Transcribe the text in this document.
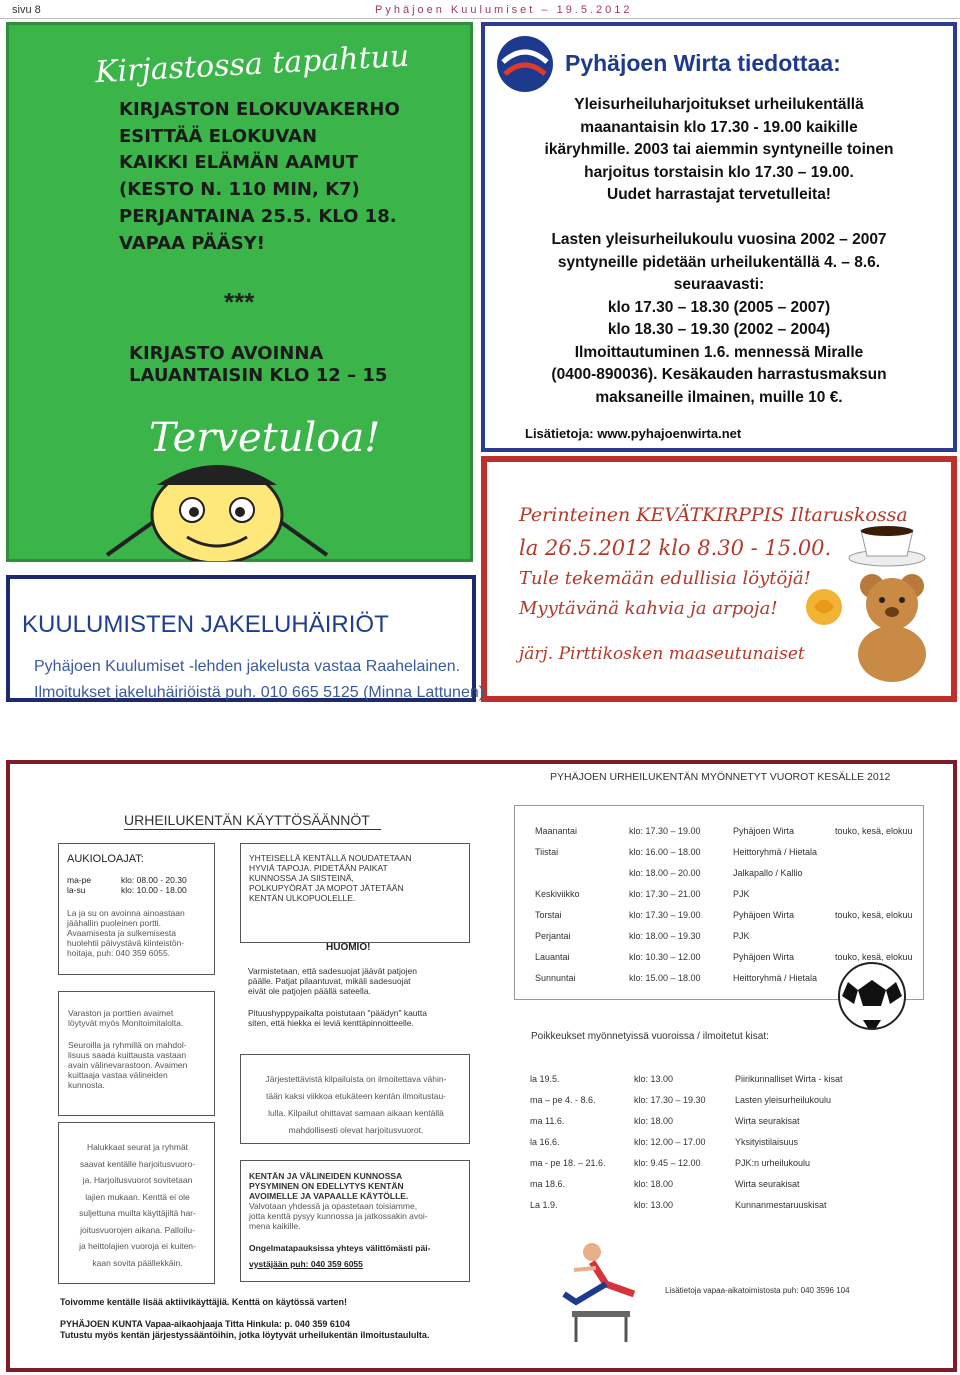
sivu 8	Pyhäjoen Kuulumiset – 19.5.2012
Kirjastossa tapahtuu
KIRJASTON ELOKUVAKERHO
ESITTÄÄ ELOKUVAN
KAIKKI ELÄMÄN AAMUT
(KESTO N. 110 MIN, K7)
PERJANTAINA 25.5. KLO 18.
VAPAA PÄÄSY!
***
KIRJASTO AVOINNA
LAUANTAISIN KLO 12 – 15
Tervetuloa!
Pyhäjoen Wirta tiedottaa:
Yleisurheiluharjoitukset urheilukentällä
maanantaisin klo 17.30 - 19.00 kaikille
ikäryhmille. 2003 tai aiemmin syntyneille toinen
harjoitus torstaisin klo 17.30 – 19.00.
Uudet harrastajat tervetulleita!
Lasten yleisurheilukoulu vuosina 2002 – 2007
syntyneille pidetään urheilukentällä 4. – 8.6.
seuraavasti:
klo 17.30 – 18.30 (2005 – 2007)
klo 18.30 – 19.30 (2002 – 2004)
Ilmoittautuminen 1.6. mennessä Miralle
(0400-890036). Kesäkauden harrastusmaksun
maksaneille ilmainen, muille 10 €.
Lisätietoja: www.pyhajoenwirta.net
Perinteinen KEVÄTKIRPPIS Iltaruskossa
la 26.5.2012 klo 8.30 - 15.00.
Tule tekemään edullisia löytöjä!
Myytävänä kahvia ja arpoja!
järj. Pirttikosken maaseutunaiset
KUULUMISTEN JAKELUHÄIRIÖT
Pyhäjoen Kuulumiset -lehden jakelusta vastaa Raahelainen.
Ilmoitukset jakeluhäiriöistä puh. 010 665 5125 (Minna Lattunen)
URHEILUKENTÄN KÄYTTÖSÄÄNNÖT
AUKIOLOAJAT:
ma-pe	klo: 08.00 - 20.30
la-su	klo: 10.00 - 18.00
La ja su on avoinna ainoastaan
jäähallin puoleinen portti.
Avaamisesta ja sulkemisesta
huolehtii päivystävä kiinteistön-
hoitaja, puh: 040 359 6055.
Varaston ja porttien avaimet
löytyvät myös Monitoimitalolta.
Seuroilla ja ryhmillä on mahdol-
lisuus saada kuittausta vastaan
avain välinevarastoon. Avaimen
kuittaaja vastaa välineiden
kunnosta.
Halukkaat seurat ja ryhmät
saavat kentälle harjoitusvuoro-
ja. Harjoitusvuorot sovitetaan
lajien mukaan. Kenttä ei ole
suljettuna muilta käyttäjiltä har-
joitusvuorojen aikana. Palloilu-
ja heittolajien vuoroja ei kuiten-
kaan sovita päällekkäin.
YHTEISELLÄ KENTÄLLÄ NOUDATETAAN
HYVIÄ TAPOJA. PIDETÄÄN PAIKAT
KUNNOSSA JA SIISTEINÄ,
POLKUPYÖRÄT JA MOPOT JÄTETÄÄN
KENTÄN ULKOPUOLELLE.
HUOMIO!
Varmistetaan, että sadesuojat jäävät patjojen
päälle. Patjat pilaantuvat, mikäli sadesuojat
eivät ole patjojen päällä sateella.
Pituushyppypaikalta poistutaan "päädyn" kautta
siten, että hiekka ei leviä kenttäpinnoitteelle.
Järjestettävistä kilpailuista on ilmoitettava vähin-
tään kaksi viikkoa etukäteen kentän ilmoitustau-
lulla. Kilpailut ohittavat samaan aikaan kentällä
mahdollisesti olevat harjoitusvuorot.
KENTÄN JA VÄLINEIDEN KUNNOSSA
PYSYMINEN ON EDELLYTYS KENTÄN
AVOIMELLE JA VAPAALLE KÄYTÖLLE.
Valvotaan yhdessä ja opastetaan toisiamme,
jotta kenttä pysyy kunnossa ja jatkossakin avoi-
mena kaikille.
Ongelmatapauksissa yhteys välittömästi päi-
vystäjään puh: 040 359 6055
Toivomme kentälle lisää aktiivikäyttäjiä. Kenttä on käytössä varten!
PYHÄJOEN KUNTA Vapaa-aikaohjaaja Titta Hinkula: p. 040 359 6104
Tutustu myös kentän järjestyssääntöihin, jotka löytyvät urheilukentän ilmoitustaululta.
PYHÄJOEN URHEILUKENTÄN MYÖNNETYT VUOROT KESÄLLE 2012
Maanantai	klo: 17.30 – 19.00	Pyhäjoen Wirta	touko, kesä, elokuu
Tiistai	klo: 16.00 – 18.00	Heittoryhmä / Hietala
klo: 18.00 – 20.00	Jalkapallo / Kallio
Keskiviikko	klo: 17.30 – 21.00	PJK
Torstai	klo: 17.30 – 19.00	Pyhäjoen Wirta	touko, kesä, elokuu
Perjantai	klo: 18.00 – 19.30	PJK
Lauantai	klo: 10.30 – 12.00	Pyhäjoen Wirta	touko, kesä, elokuu
Sunnuntai	klo: 15.00 – 18.00	Heittoryhmä / Hietala
Poikkeukset myönnetyissä vuoroissa / ilmoitetut kisat:
la 19.5.	klo: 13.00	Piirikunnalliset Wirta - kisat
ma – pe 4. - 8.6.	klo: 17.30 – 19.30	Lasten yleisurheilukoulu
ma 11.6.	klo: 18.00	Wirta seurakisat
la 16.6.	klo: 12.00 – 17.00	Yksityistilaisuus
ma - pe 18. – 21.6.	klo: 9.45 – 12.00	PJK:n urheilukoulu
ma 18.6.	klo: 18.00	Wirta seurakisat
La 1.9.	klo: 13.00	Kunnanmestaruuskisat
Lisätietoja vapaa-aikatoimistosta puh: 040 3596 104
